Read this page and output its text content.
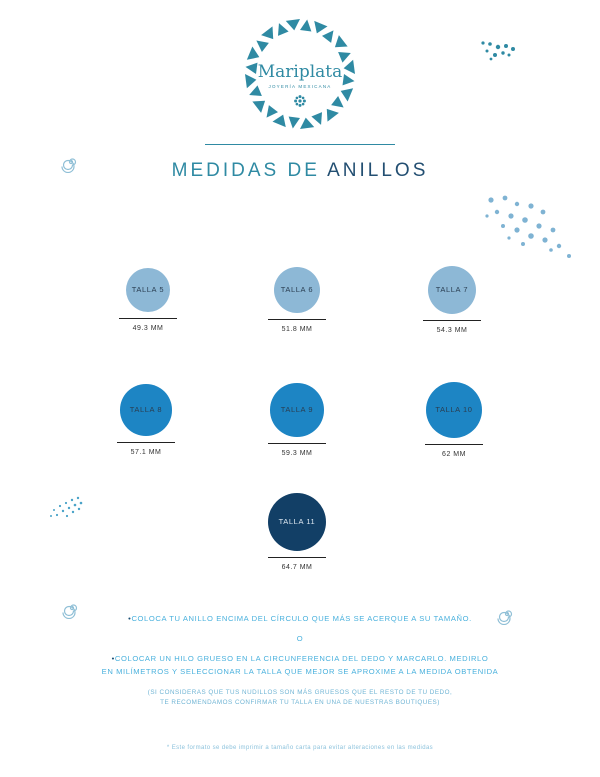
Mariplata
JOYERÍA MEXICANA
MEDIDAS DE ANILLOS
TALLA 5
49.3 MM
TALLA 6
51.8 MM
TALLA 7
54.3 MM
TALLA 8
57.1 MM
TALLA 9
59.3 MM
TALLA 10
62 MM
TALLA 11
64.7 MM
•COLOCA TU ANILLO ENCIMA DEL CÍRCULO QUE MÁS SE ACERQUE A SU TAMAÑO.
O
•COLOCAR UN HILO GRUESO EN LA CIRCUNFERENCIA DEL DEDO Y MARCARLO. MEDIRLO
EN MILÍMETROS Y SELECCIONAR LA TALLA QUE MEJOR SE APROXIME A LA MEDIDA OBTENIDA
(SI CONSIDERAS QUE TUS NUDILLOS SON MÁS GRUESOS QUE EL RESTO DE TU DEDO,
TE RECOMENDAMOS CONFIRMAR TU TALLA EN UNA DE NUESTRAS BOUTIQUES)
* Este formato se debe imprimir a tamaño carta para evitar alteraciones en las medidas
